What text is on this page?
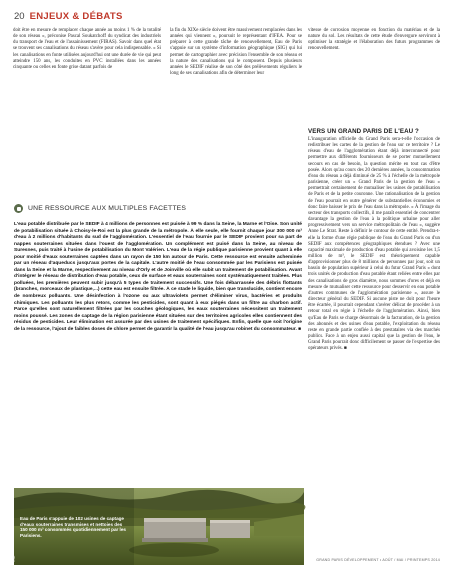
20 ENJEUX & DÉBATS

doit être en mesure de remplacer chaque année au moins 1 % de la totalité de son réseau », préconise Pascal Soukatchoff du syndicat des industriels du transport de l'eau et de l'assainissement (FIRAS). Savoir dans quel état se trouvent ses canalisations du réseau s'avère pour cela indispensable. « Si les canalisations en fonte utilisées aujourd'hui ont une durée de vie qui peut atteindre 150 ans, les conduites en PVC installées dans les années cinquante ou celles en fonte grise datant parfois de

la fin du XIXe siècle doivent être massivement remplacées dans les années qui viennent », poursuit le représentant d'IFEA. Pour se préparer à cette grande tâche de renouvellement, Eau de Paris s'appuie sur un système d'information géographique (SIG) qui lui permet de cartographier avec précision l'ensemble de son réseau et la nature des canalisations qui le composent. Depuis plusieurs années le SEDIF réalise de son côté des prélèvements réguliers le long de ses canalisations afin de déterminer leur

vitesse de corrosion moyenne en fonction du matériau et de la nature du sol. Les résultats de cette étude d'envergure serviront à optimiser la stratégie et l'élaboration des futurs programmes de renouvellement.

VERS UN GRAND PARIS DE L'EAU ?

L'inauguration officielle du Grand Paris sera-t-elle l'occasion de redistribuer les cartes de la gestion de l'eau sur ce territoire ? Le réseau d'eau de l'agglomération étant déjà interconnecté pour permettre aux différents fournisseurs de se porter mutuellement secours en cas de besoin, la question mérite en tout cas d'être posée. Alors qu'au cours des 20 dernières années, la consommation d'eau du réseau a déjà diminué de 25 % à l'échelle de la métropole parisienne, créer un « Grand Paris de la gestion de l'eau » permettrait certainement de mutualiser les usines de potabilisation de Paris et de la petite couronne. Une rationalisation de la gestion de l'eau pourrait en outre générer de substantielles économies et donc faire baisser le prix de l'eau dans la métropole. « À l'image du secteur des transports collectifs, il me paraît essentiel de concentrer davantage la gestion de l'eau à la politique urbaine pour aller progressivement vers un service métropolitain de l'eau », suggère Anne Le Strat. Reste à définir le contour de cette entité. Prendra-t-elle la forme d'une régie publique de l'eau du Grand Paris ou d'un SEDIF aux compétences géographiques étendues ? Avec une capacité maximale de production d'eau potable qui avoisine les 1,5 million de m³, le SEDIF est théoriquement capable d'approvisionner plus de 8 millions de personnes par jour, soit un bassin de population supérieur à celui du futur Grand Paris « dont trois unités de production d'eau potable étant reliées entre elles par des canalisations de gros diamètre, nous sommes d'ores et déjà en mesure de mutualiser cette ressource pour desservir en eau potable d'autres communes de l'agglomération parisienne », assure le directeur général du SEDIF. Si aucune piste ne doit pour l'heure être écartée, il pourrait cependant s'avérer délicat de procéder à un retour total en régie à l'échelle de l'agglomération. Ainsi, bien qu'Eau de Paris se charge désormais de la facturation, de la gestion des abonnés et des usines d'eau potable, l'exploitation du réseau reste en grande partie confiée à des prestataires via des marchés publics. Face à un enjeu aussi capital que la gestion de l'eau, le Grand Paris pourrait donc difficilement se passer de l'expertise des opérateurs privés. ■

UNE RESSOURCE AUX MULTIPLES FACETTES
L'eau potable distribuée par le SEDIF à 4 millions de personnes est puisée à 99 % dans la Seine, la Marne et l'Oise. Son unité de potabilisation située à Choisy-le-Roi est la plus grande de la métropole. À elle seule, elle fournit chaque jour 300 000 m³ d'eau à 2 millions d'habitants du sud de l'agglomération. L'essentiel de l'eau fournie par le SEDIF provient pour sa part de nappes souterraines situées dans l'ouest de l'agglomération. Un complément est puisé dans la Seine, au niveau de Suresnes, puis traité à l'usine de potabilisation du Mont Valérien. L'eau de la régie publique parisienne provient quant à elle pour moitié d'eaux souterraines captées dans un rayon de 150 km autour de Paris. Cette ressource est ensuite acheminée par un réseau d'aqueducs jusqu'aux portes de la capitale. L'autre moitié de l'eau consommée par les Parisiens est puisée dans la Seine et la Marne, respectivement au niveau d'Orly et de Joinville où elle subit un traitement de potabilisation. Avant d'intégrer le réseau de distribution d'eau potable, ceux de surface et eaux souterraines sont systématiquement traitées. Plus polluées, les premières peuvent subir jusqu'à 5 types de traitement successifs. Une fois débarrassée des débris flottants (branches, morceaux de plastique,...) cette eau est ensuite filtrée. À ce stade le liquide, bien que translucide, contient encore de nombreux polluants. Une désinfection à l'ozone ou aux ultraviolets permet d'éliminer virus, bactéries et produits chimiques. Les polluants les plus retors, comme les pesticides, sont quant à eux piégés dans un filtre au charbon actif. Parce qu'elles sont naturellement filtrées par les couches géologiques, les eaux souterraines nécessitent un traitement moins poussé. Les zones de captage de la région parisienne étant situées sur des territoires agricoles elles contiennent des résidus de pesticides. Leur élimination est assurée par des usines de traitement spécifiques. Enfin, quelle que soit l'origine de la ressource, l'ajout de faibles doses de chlore permet de garantir la qualité de l'eau jusqu'au robinet du consommateur. ■
Eau de Paris s'appuie de 102 usines de captage d'eaux souterraines transmises et nettoies des 150 000 m³ consommés quotidiennement par les Parisiens.
© DR	GRAND PARIS DÉVELOPPEMENT • AOÛT / MAI / PRINTEMPS 2014
